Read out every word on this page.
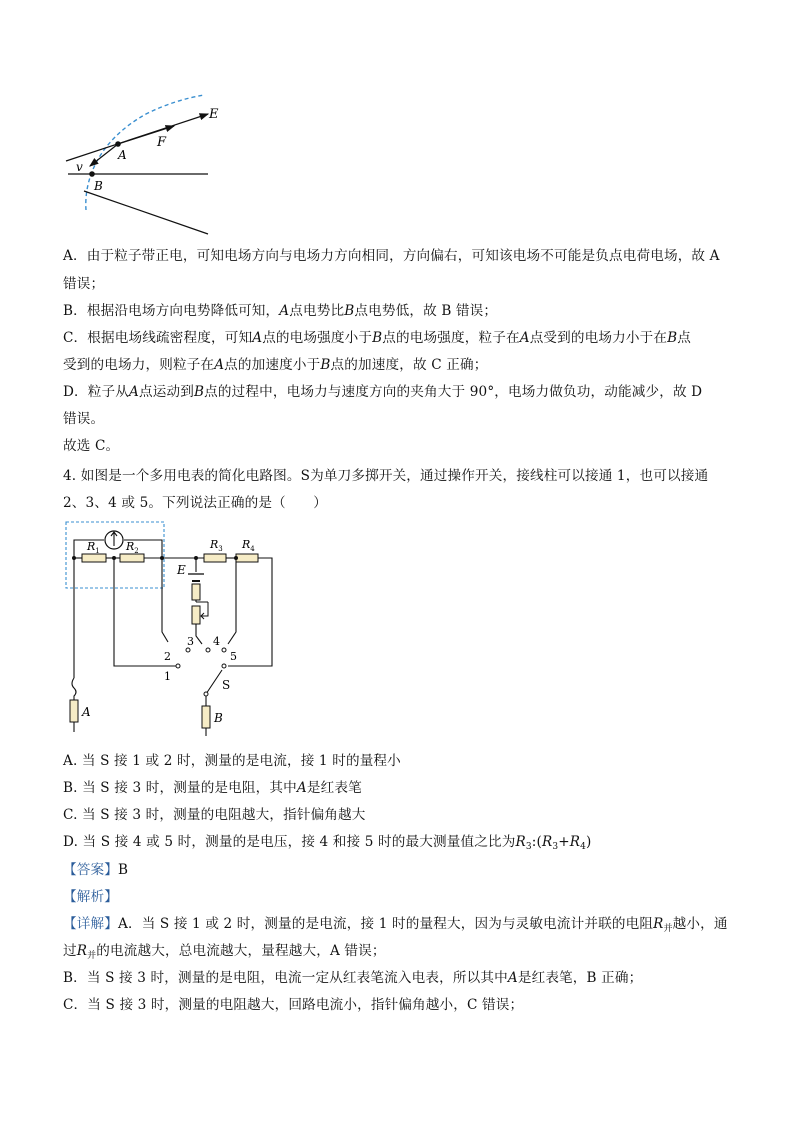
E
F
A
v
B
A．由于粒子带正电，可知电场方向与电场力方向相同，方向偏右，可知该电场不可能是负点电荷电场，故 A
错误；
B．根据沿电场方向电势降低可知，A点电势比B点电势低，故 B 错误；
C．根据电场线疏密程度，可知A点的电场强度小于B点的电场强度，粒子在A点受到的电场力小于在B点
受到的电场力，则粒子在A点的加速度小于B点的加速度，故 C 正确；
D．粒子从A点运动到B点的过程中，电场力与速度方向的夹角大于 90°，电场力做负功，动能减少，故 D
错误。
故选 C。
4. 如图是一个多用电表的简化电路图。S为单刀多掷开关，通过操作开关，接线柱可以接通 1，也可以接通
2、3、4 或 5。下列说法正确的是（　　）
$R_1$ $R_2$	$R_3$ $R_4$
E
3 4
2	5
1
S
A	B
A. 当 S 接 1 或 2 时，测量的是电流，接 1 时的量程小
B. 当 S 接 3 时，测量的是电阻，其中A是红表笔
C. 当 S 接 3 时，测量的电阻越大，指针偏角越大
D. 当 S 接 4 或 5 时，测量的是电压，接 4 和接 5 时的最大测量值之比为$R_3:(R_3+R_4)$
【答案】B
【解析】
【详解】A．当 S 接 1 或 2 时，测量的是电流，接 1 时的量程大，因为与灵敏电流计并联的电阻$R_并$越小，通
过$R_并$的电流越大，总电流越大，量程越大，A 错误；
B．当 S 接 3 时，测量的是电阻，电流一定从红表笔流入电表，所以其中A是红表笔，B 正确；
C．当 S 接 3 时，测量的电阻越大，回路电流小，指针偏角越小，C 错误；
